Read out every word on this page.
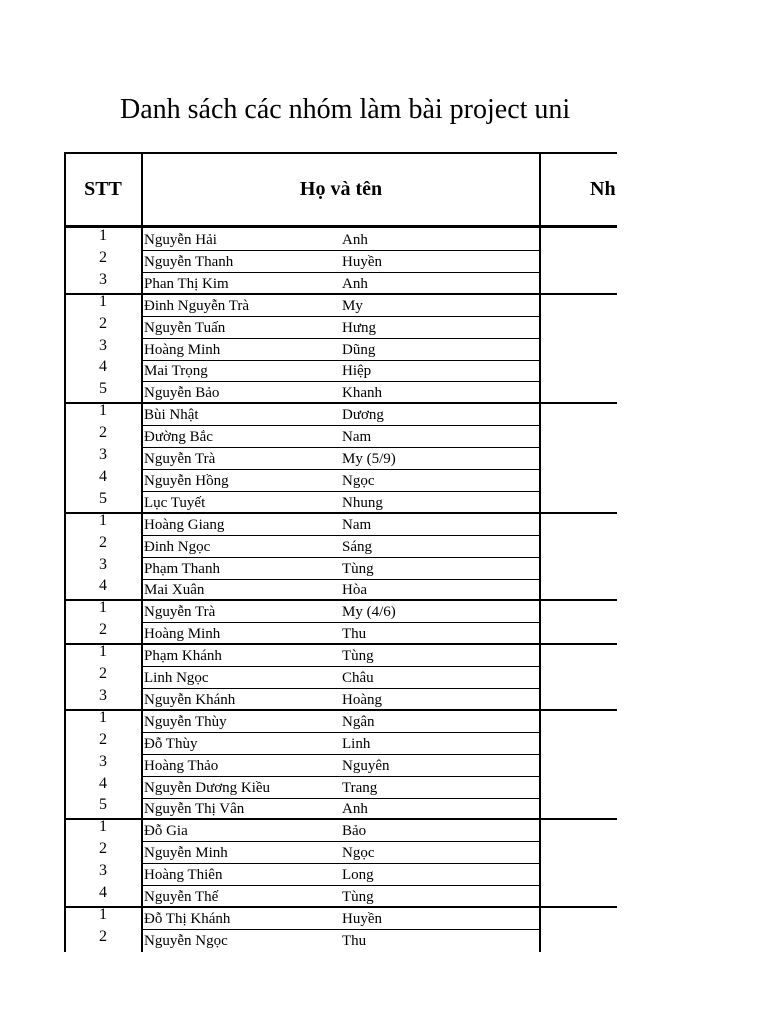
Danh sách các nhóm làm bài project uni
STT	Họ và tên	Nh
1	Nguyễn Hải	Anh
2	Nguyễn Thanh	Huyền
3	Phan Thị Kim	Anh
1	Đinh Nguyễn Trà	My
2	Nguyễn Tuấn	Hưng
3	Hoàng Minh	Dũng
4	Mai Trọng	Hiệp
5	Nguyễn Bảo	Khanh
1	Bùi Nhật	Dương
2	Đường Bắc	Nam
3	Nguyễn Trà	My (5/9)
4	Nguyễn Hồng	Ngọc
5	Lục Tuyết	Nhung
1	Hoàng Giang	Nam
2	Đinh Ngọc	Sáng
3	Phạm Thanh	Tùng
4	Mai Xuân	Hòa
1	Nguyễn Trà	My (4/6)
2	Hoàng Minh	Thu
1	Phạm Khánh	Tùng
2	Linh Ngọc	Châu
3	Nguyễn Khánh	Hoàng
1	Nguyễn Thùy	Ngân
2	Đỗ Thùy	Linh
3	Hoàng Thảo	Nguyên
4	Nguyễn Dương Kiều	Trang
5	Nguyễn Thị Vân	Anh
1	Đỗ Gia	Bảo
2	Nguyễn Minh	Ngọc
3	Hoàng Thiên	Long
4	Nguyễn Thế	Tùng
1	Đỗ Thị Khánh	Huyền
2	Nguyễn Ngọc	Thu
